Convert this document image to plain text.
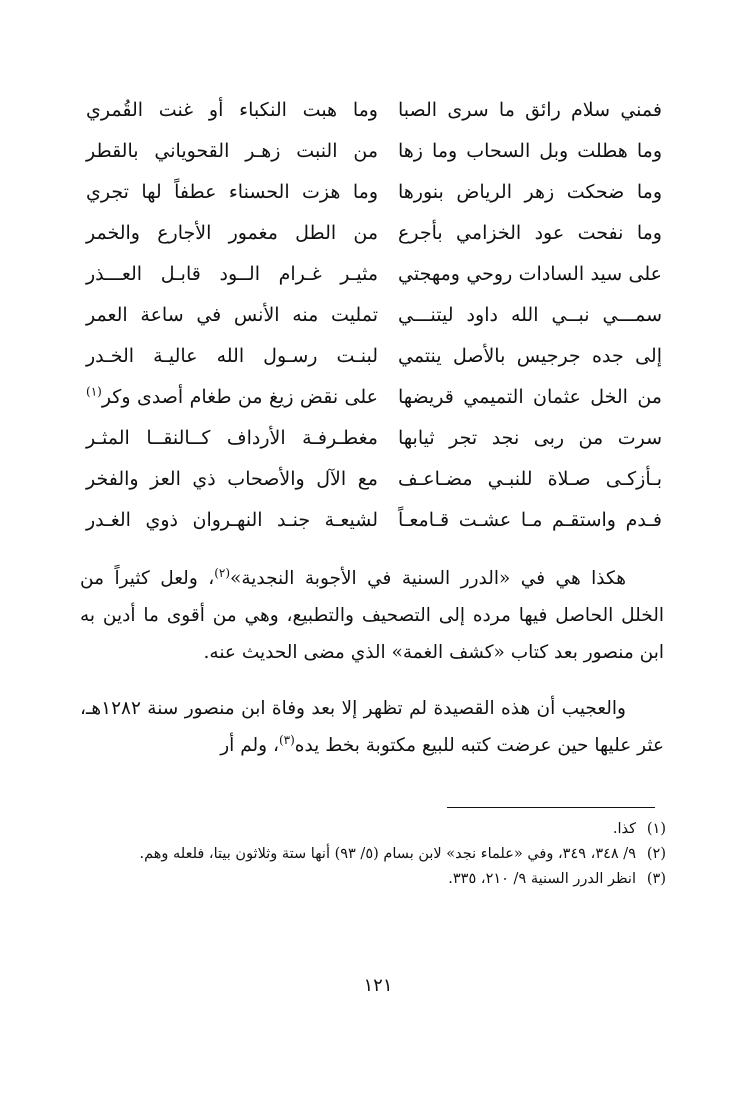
فمني سلام رائق ما سرى الصبا
وما هبت النكباء أو غنت القُمري
وما هطلت وبل السحاب وما زها
من النبت زهـر القحوياني بالقطر
وما ضحكت زهر الرياض بنورها
وما هزت الحسناء عطفاً لها تجري
وما نفحت عود الخزامي بأجرع
من الطل مغمور الأجارع والخمر
على سيد السادات روحي ومهجتي
مثيـر غـرام الــود قابـل العـــذر
سمـــي نبــي الله داود ليتنـــي
تمليت منه الأنس في ساعة العمر
إلى جده جرجيس بالأصل ينتمي
لبنـت رسـول الله عاليـة الخـدر
من الخل عثمان التميمي قريضها
على نقض زيغ من طغام أصدى وكر$^{(١)}$
سرت من ربى نجد تجر ثيابها
مغطـرفـة الأرداف كــالنقــا المثـر
بـأزكـى صـلاة للنبـي مضـاعـف
مع الآل والأصحاب ذي العز والفخر
فـدم واستقـم مـا عشـت قـامعـاً
لشيعـة جنـد النهـروان ذوي الغـدر

هكذا هي في «الدرر السنية في الأجوبة النجدية»$^{(٢)}$، ولعل كثيراً من الخلل الحاصل فيها مرده إلى التصحيف والتطبيع، وهي من أقوى ما أدين به ابن منصور بعد كتاب «كشف الغمة» الذي مضى الحديث عنه.

والعجيب أن هذه القصيدة لم تظهر إلا بعد وفاة ابن منصور سنة ١٢٨٢هـ، عثر عليها حين عرضت كتبه للبيع مكتوبة بخط يده$^{(٣)}$، ولم أر

(١)
كذا.
(٢)
٩/ ٣٤٨، ٣٤٩، وفي «علماء نجد» لابن بسام (٥/ ٩٣) أنها ستة وثلاثون بيتا، فلعله وهم.
(٣)
انظر الدرر السنية ٩/ ٢١٠، ٣٣٥.
١٢١
